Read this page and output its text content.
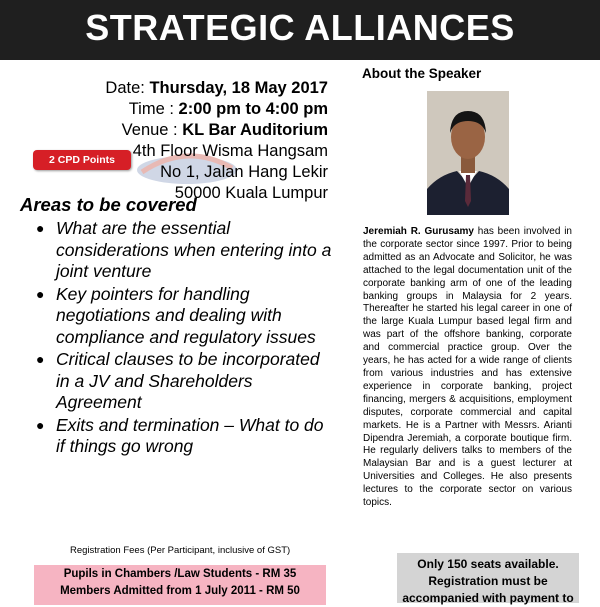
STRATEGIC ALLIANCES
Date: Thursday, 18 May 2017
Time : 2:00 pm to 4:00 pm
Venue : KL Bar Auditorium
4th Floor Wisma Hangsam
No 1, Jalan Hang Lekir
50000 Kuala Lumpur
2 CPD Points
Areas to be covered
● What are the essential considerations when entering into a joint venture
● Key pointers for handling negotiations and dealing with compliance and regulatory issues
● Critical clauses to be incorporated in a JV and Shareholders Agreement
● Exits and termination – What to do if things go wrong
About the Speaker

Jeremiah R. Gurusamy has been involved in the corporate sector since 1997. Prior to being admitted as an Advocate and Solicitor, he was attached to the legal documentation unit of the corporate banking arm of one of the leading banking groups in Malaysia for 2 years. Thereafter he started his legal career in one of the large Kuala Lumpur based legal firm and was part of the offshore banking, corporate and commercial practice group. Over the years, he has acted for a wide range of clients from various industries and has extensive experience in corporate banking, project financing, mergers & acquisitions, employment disputes, corporate commercial and capital markets. He is a Partner with Messrs. Arianti Dipendra Jeremiah, a corporate boutique firm. He regularly delivers talks to members of the Malaysian Bar and is a guest lecturer at Universities and Colleges. He also presents lectures to the corporate sector on various topics.

Registration Fees (Per Participant, inclusive of GST)
Pupils in Chambers /Law Students - RM 35
Members Admitted from 1 July 2011 - RM 50
Only 150 seats available.
Registration must be
accompanied with payment to
